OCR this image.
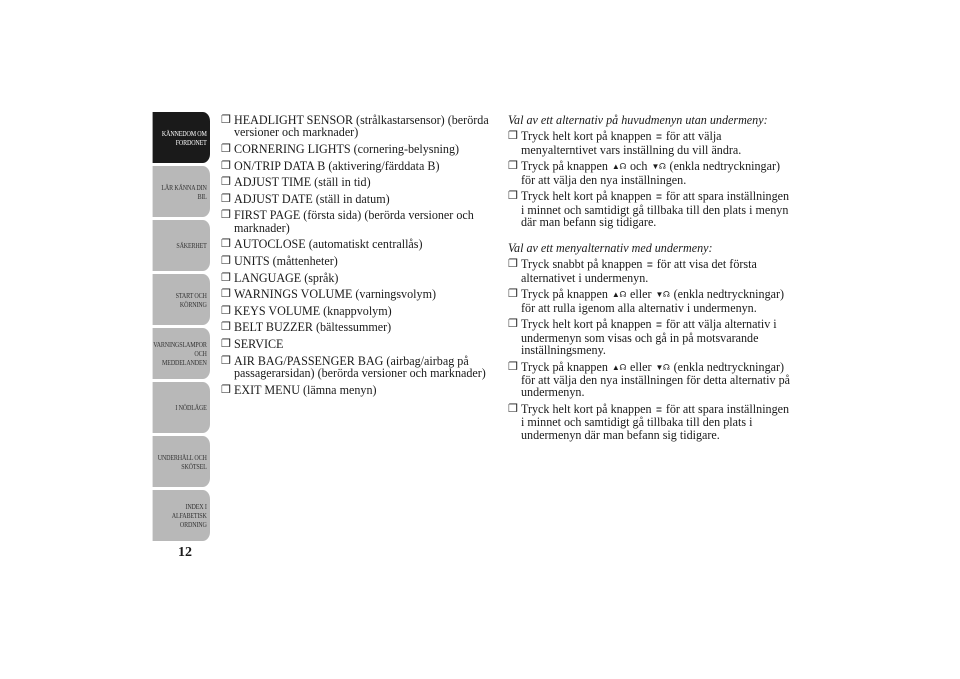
KÄNNEDOM OM
FORDONET
LÄR KÄNNA DIN
BIL
SÄKERHET
START OCH
KÖRNING
VARNINGSLAMPOR
OCH
MEDDELANDEN
I NÖDLÄGE
UNDERHÅLL OCH
SKÖTSEL
INDEX I
ALFABETISK
ORDNING
12
❐ HEADLIGHT SENSOR (strålkastarsensor) (berörda versioner och marknader)
❐ CORNERING LIGHTS (cornering-belysning)
❐ ON/TRIP DATA B (aktivering/färddata B)
❐ ADJUST TIME (ställ in tid)
❐ ADJUST DATE (ställ in datum)
❐ FIRST PAGE (första sida) (berörda versioner och marknader)
❐ AUTOCLOSE (automatiskt centrallås)
❐ UNITS (måttenheter)
❐ LANGUAGE (språk)
❐ WARNINGS VOLUME (varningsvolym)
❐ KEYS VOLUME (knappvolym)
❐ BELT BUZZER (bältessummer)
❐ SERVICE
❐ AIR BAG/PASSENGER BAG (airbag/airbag på passagerarsidan) (berörda versioner och marknader)
❐ EXIT MENU (lämna menyn)
Val av ett alternativ på huvudmenyn utan undermeny:
❐ Tryck helt kort på knappen ≣ för att välja menyalterntivet vars inställning du vill ändra.
❐ Tryck på knappen ▲☊ och ▼☊ (enkla nedtryckningar) för att välja den nya inställningen.
❐ Tryck helt kort på knappen ≣ för att spara inställningen i minnet och samtidigt gå tillbaka till den plats i menyn där man befann sig tidigare.
Val av ett menyalternativ med undermeny:
❐ Tryck snabbt på knappen ≣ för att visa det första alternativet i undermenyn.
❐ Tryck på knappen ▲☊ eller ▼☊ (enkla nedtryckningar) för att rulla igenom alla alternativ i undermenyn.
❐ Tryck helt kort på knappen ≣ för att välja alternativ i undermenyn som visas och gå in på motsvarande inställningsmeny.
❐ Tryck på knappen ▲☊ eller ▼☊ (enkla nedtryckningar) för att välja den nya inställningen för detta alternativ på undermenyn.
❐ Tryck helt kort på knappen ≣ för att spara inställningen i minnet och samtidigt gå tillbaka till den plats i undermenyn där man befann sig tidigare.
